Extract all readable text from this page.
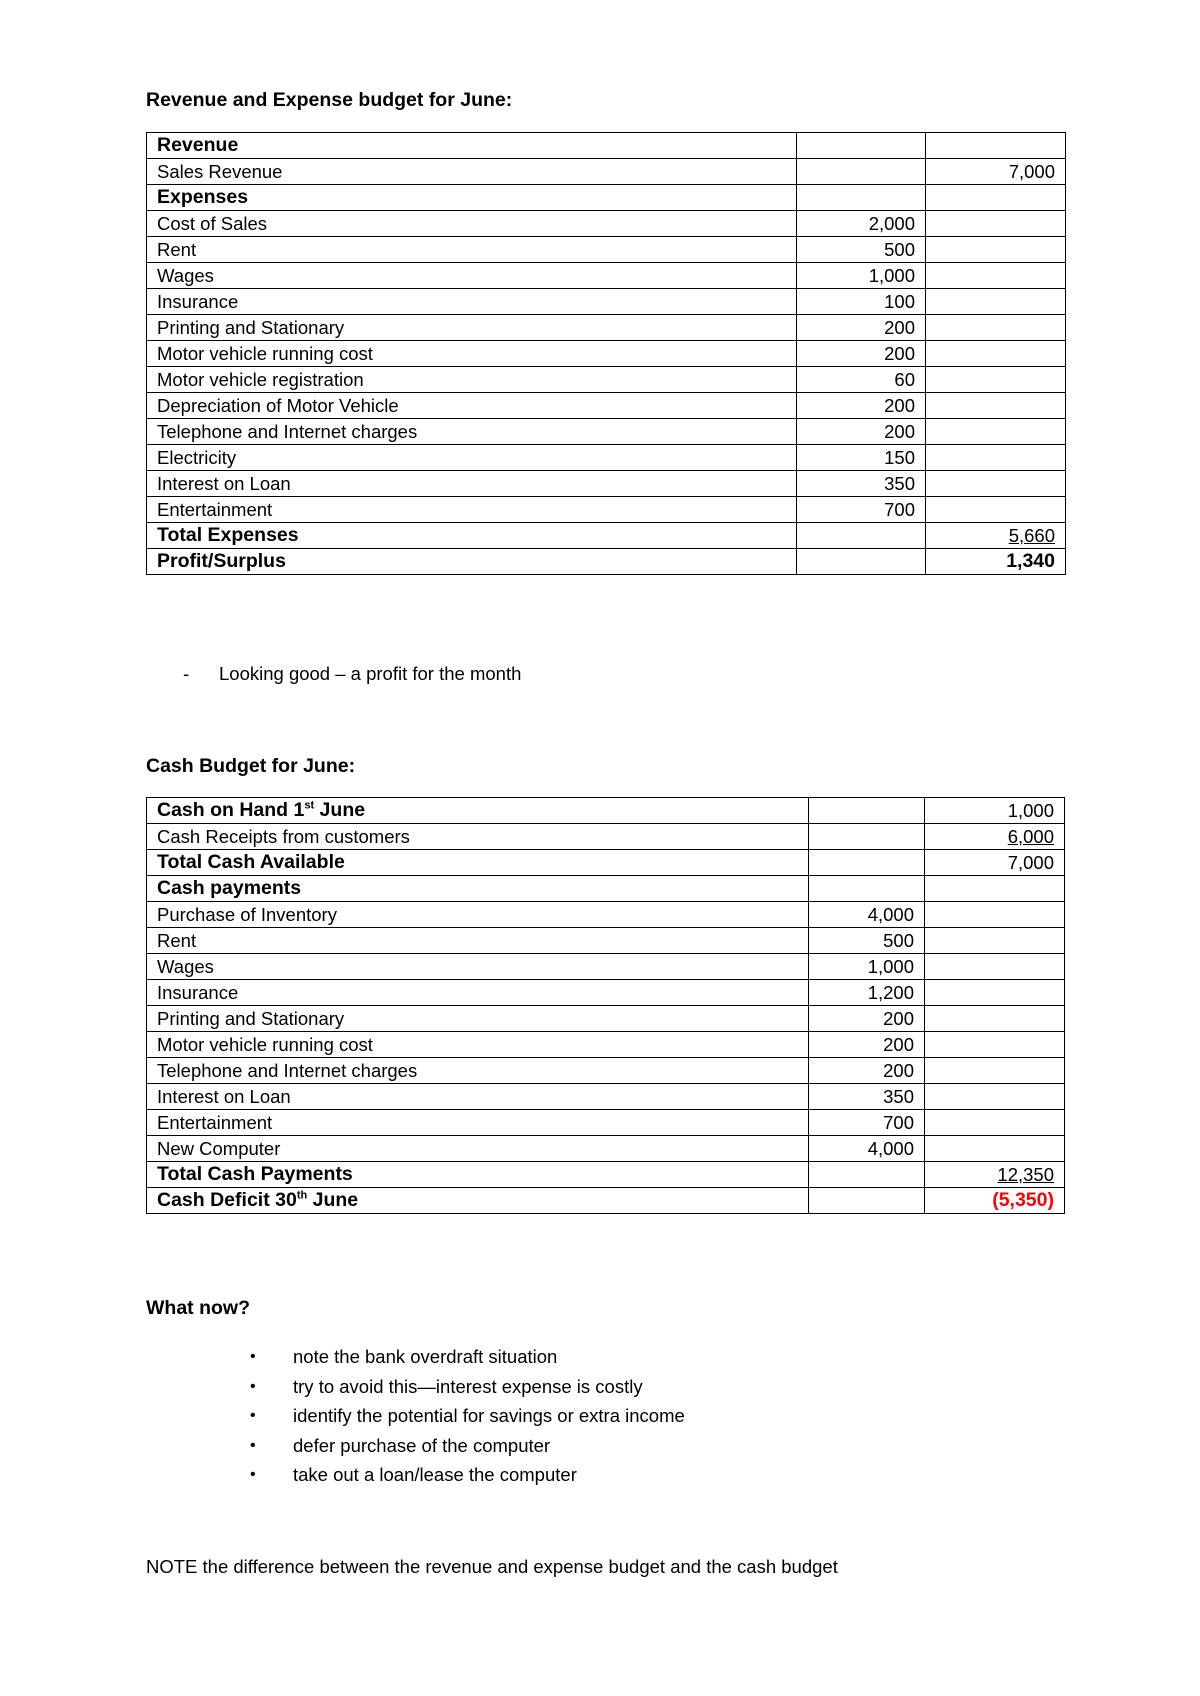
Revenue and Expense budget for June:

Revenue		
Sales Revenue		7,000
Expenses		
Cost of Sales	2,000	
Rent	500	
Wages	1,000	
Insurance	100	
Printing and Stationary	200	
Motor vehicle running cost	200	
Motor vehicle registration	60	
Depreciation of Motor Vehicle	200	
Telephone and Internet charges	200	
Electricity	150	
Interest on Loan	350	
Entertainment	700	
Total Expenses		5,660
Profit/Surplus		1,340

- Looking good – a profit for the month

Cash Budget for June:

Cash on Hand 1st June		1,000
Cash Receipts from customers		6,000
Total Cash Available		7,000
Cash payments		
Purchase of Inventory	4,000	
Rent	500	
Wages	1,000	
Insurance	1,200	
Printing and Stationary	200	
Motor vehicle running cost	200	
Telephone and Internet charges	200	
Interest on Loan	350	
Entertainment	700	
New Computer	4,000	
Total Cash Payments		12,350
Cash Deficit 30th June		(5,350)

What now?

• note the bank overdraft situation
• try to avoid this—interest expense is costly
• identify the potential for savings or extra income
• defer purchase of the computer
• take out a loan/lease the computer

NOTE the difference between the revenue and expense budget and the cash budget
